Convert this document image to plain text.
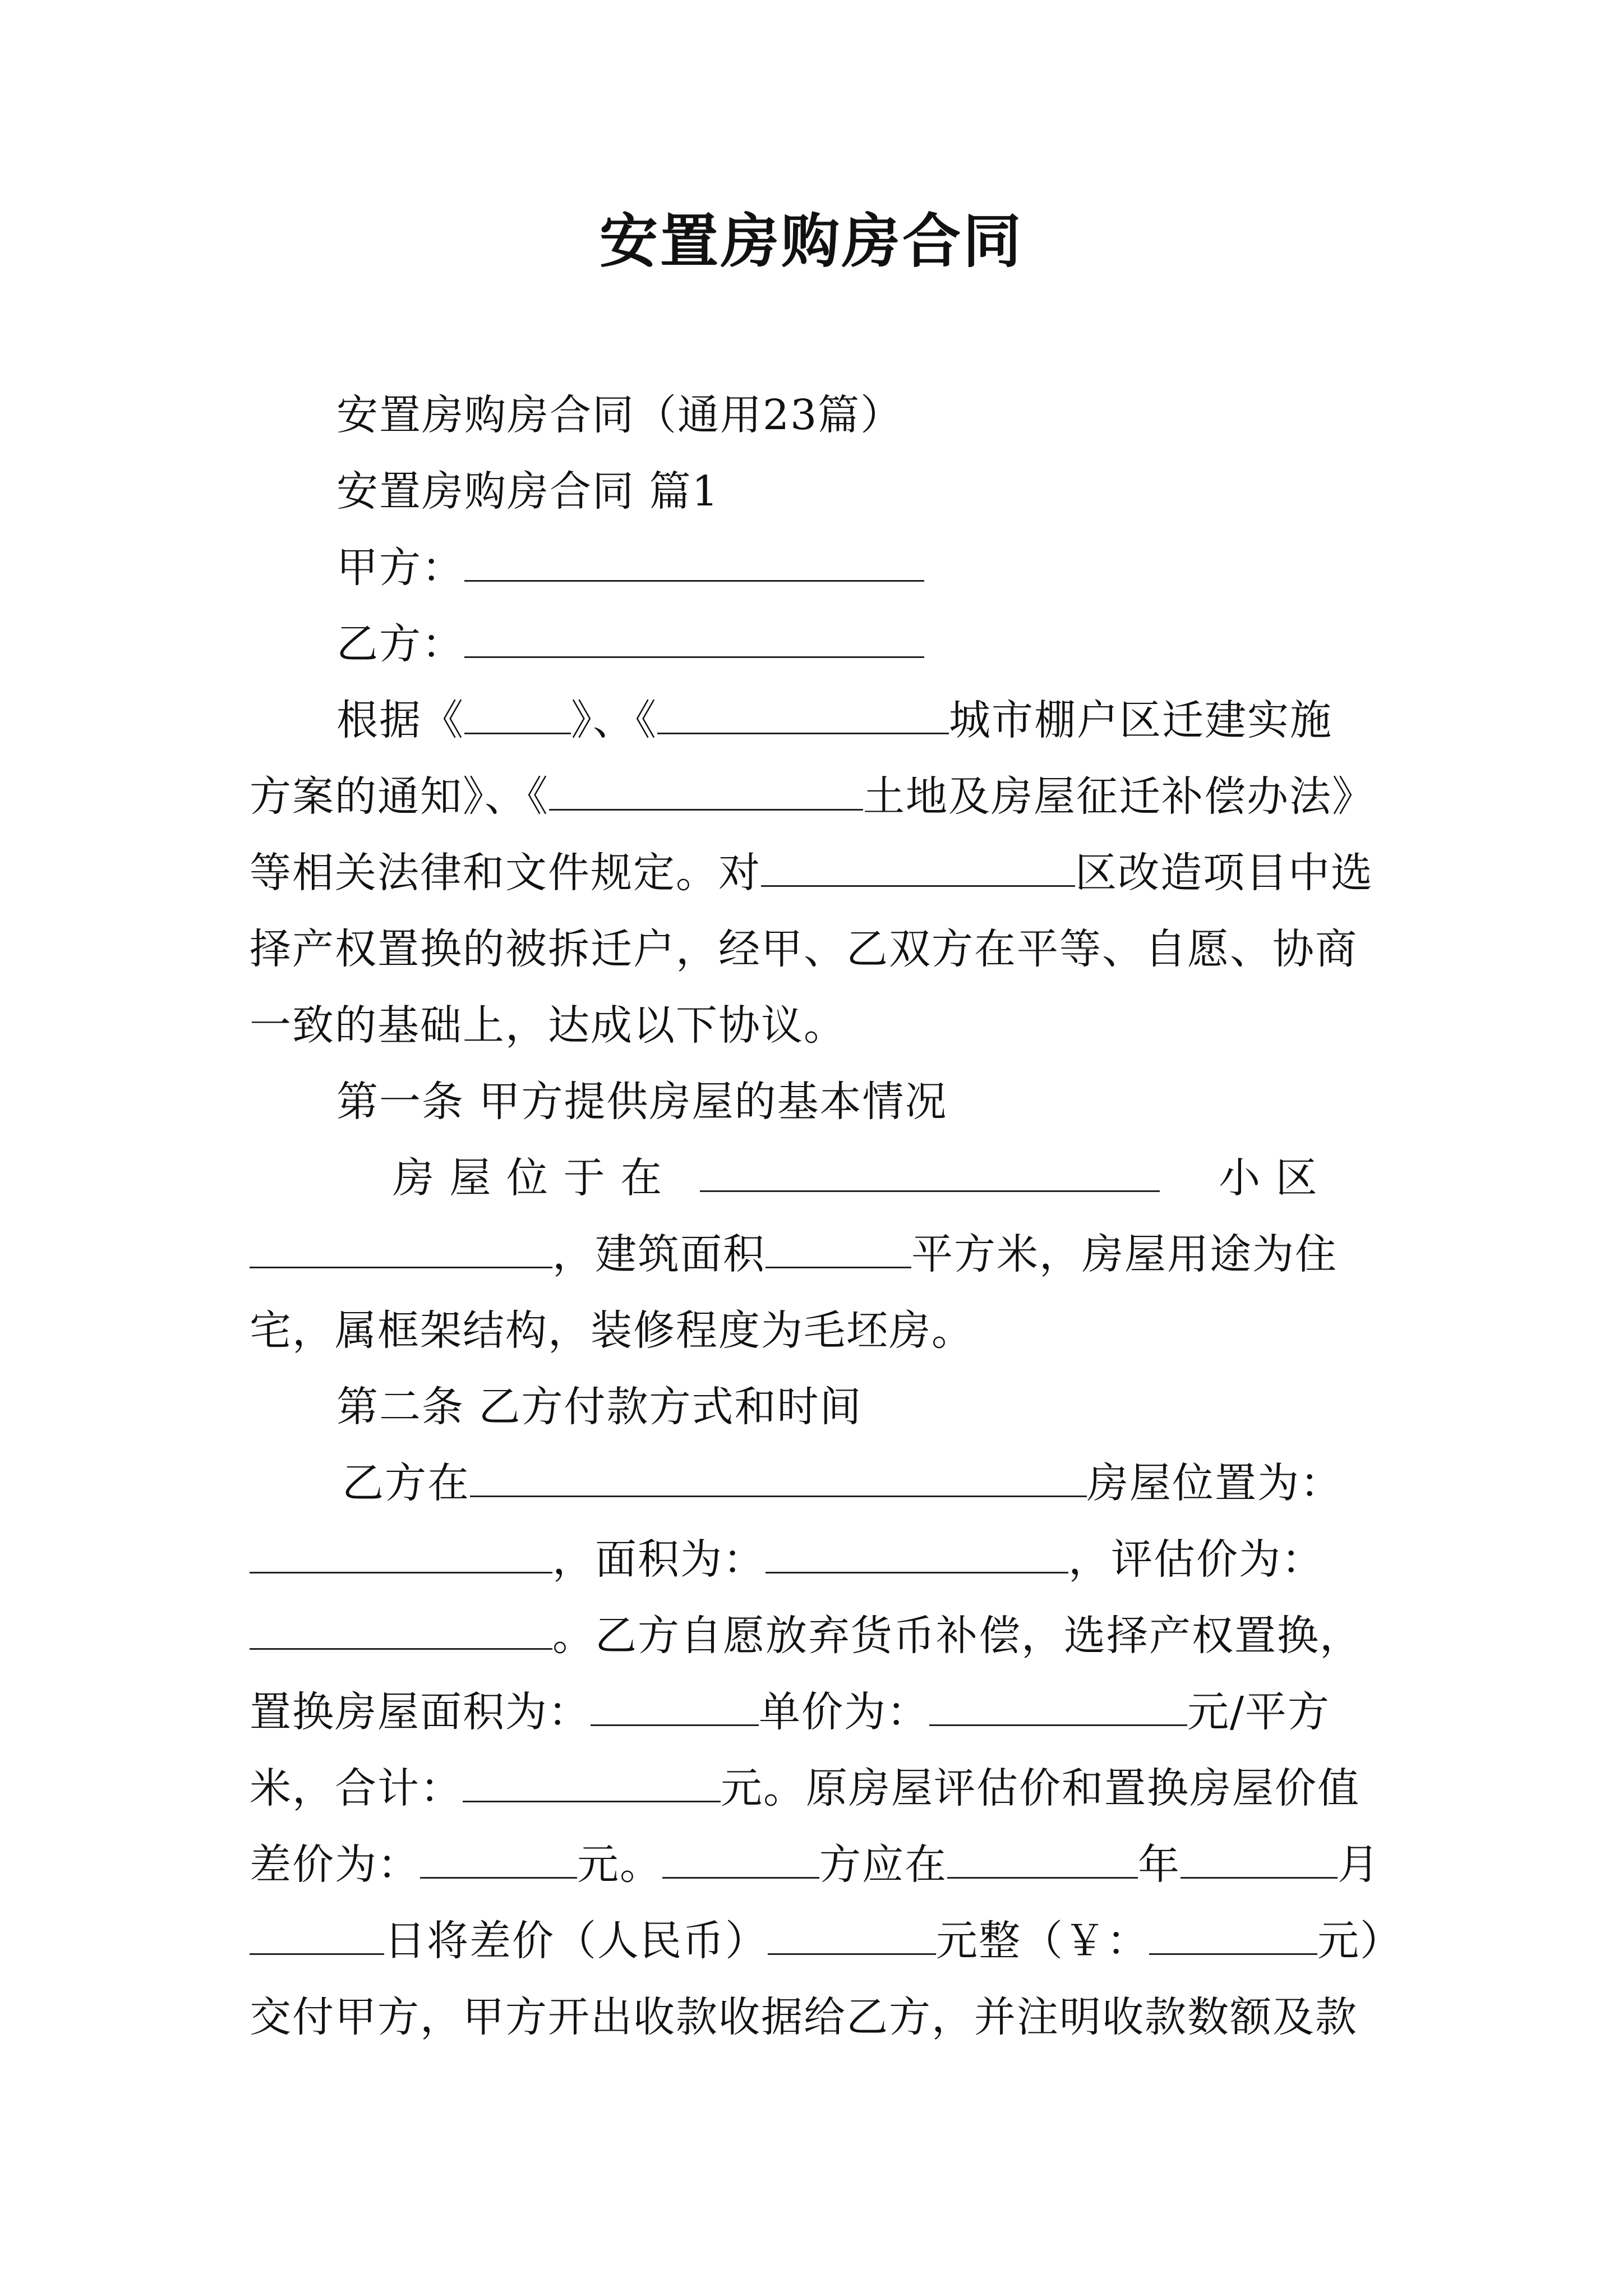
安置房购房合同
安置房购房合同（通用23篇）
安置房购房合同 篇1
甲方：
乙方：
根据《	》、《	城市棚户区迁建实施
方案的通知》、《	土地及房屋征迁补偿办法》
等相关法律和文件规定。对	区改造项目中选
择产权置换的被拆迁户，经甲、乙双方在平等、自愿、协商
一致的基础上，达成以下协议。
第一条 甲方提供房屋的基本情况
房 屋 位 于 在	小 区
，建筑面积	平方米，房屋用途为住
宅，属框架结构，装修程度为毛坯房。
第二条 乙方付款方式和时间
乙方在	房屋位置为：
，面积为：	，评估价为：
。乙方自愿放弃货币补偿，选择产权置换，
置换房屋面积为：	单价为：	元/平方
米，合计：	元。原房屋评估价和置换房屋价值
差价为：	元。	方应在	年	月
日将差价（人民币）	元整（￥：	元）
交付甲方，甲方开出收款收据给乙方，并注明收款数额及款
